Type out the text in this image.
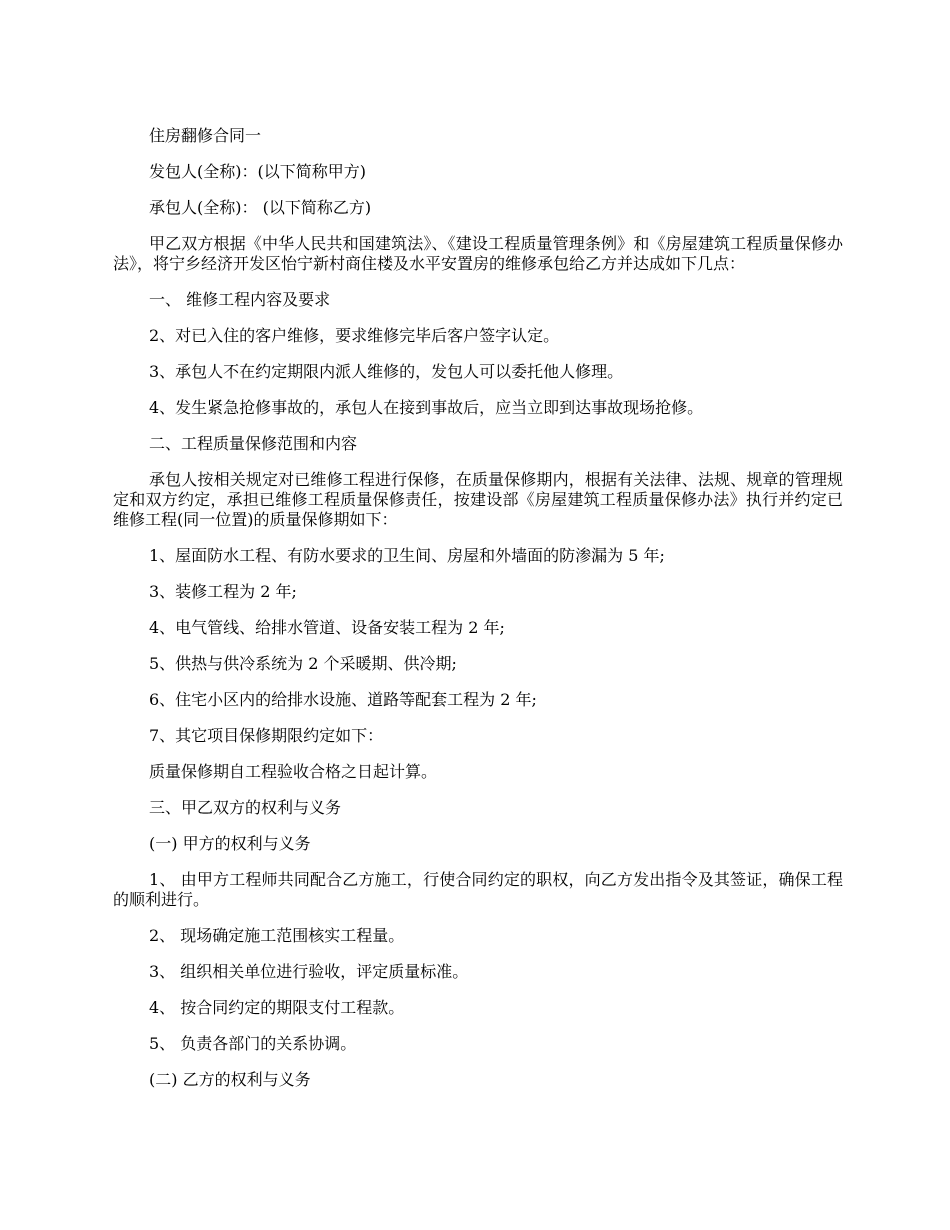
住房翻修合同一

发包人(全称)：(以下简称甲方)

承包人(全称)： (以下简称乙方)

甲乙双方根据《中华人民共和国建筑法》、《建设工程质量管理条例》和《房屋建筑工程质量保修办法》，将宁乡经济开发区怡宁新村商住楼及水平安置房的维修承包给乙方并达成如下几点：

一、 维修工程内容及要求

2、对已入住的客户维修，要求维修完毕后客户签字认定。

3、承包人不在约定期限内派人维修的，发包人可以委托他人修理。

4、发生紧急抢修事故的，承包人在接到事故后，应当立即到达事故现场抢修。

二、工程质量保修范围和内容

承包人按相关规定对已维修工程进行保修，在质量保修期内，根据有关法律、法规、规章的管理规定和双方约定，承担已维修工程质量保修责任，按建设部《房屋建筑工程质量保修办法》执行并约定已维修工程(同一位置)的质量保修期如下：

1、屋面防水工程、有防水要求的卫生间、房屋和外墙面的防渗漏为 5 年;

3、装修工程为 2 年;

4、电气管线、给排水管道、设备安装工程为 2 年;

5、供热与供冷系统为 2 个采暖期、供冷期;

6、住宅小区内的给排水设施、道路等配套工程为 2 年;

7、其它项目保修期限约定如下：

质量保修期自工程验收合格之日起计算。

三、甲乙双方的权利与义务

(一) 甲方的权利与义务

1、 由甲方工程师共同配合乙方施工，行使合同约定的职权，向乙方发出指令及其签证，确保工程的顺利进行。

2、 现场确定施工范围核实工程量。

3、 组织相关单位进行验收，评定质量标准。

4、 按合同约定的期限支付工程款。

5、 负责各部门的关系协调。

(二) 乙方的权利与义务
